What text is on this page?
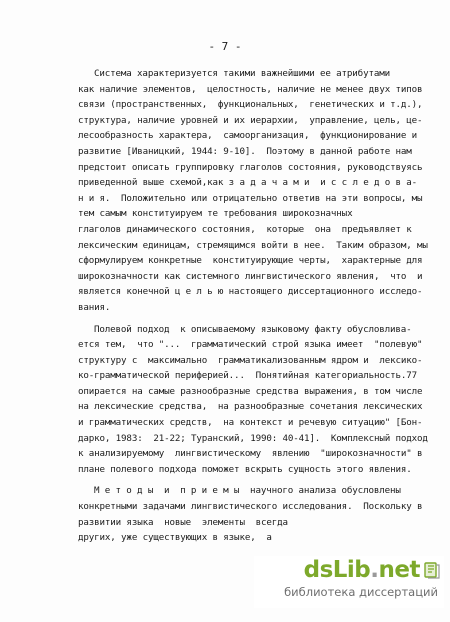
- 7 -
Система характеризуется такими важнейшими ее атрибутами
как наличие элементов,  целостность, наличие не менее двух типов
связи (пространственных,  функциональных,  генетических и т.д.),
структура, наличие уровней и их иерархии,  управление, цель, це-
лесообразность характера,  самоорганизация,  функционирование и
развитие [Иваницкий, 1944: 9-10].  Поэтому в данной работе нам
предстоит описать группировку глаголов состояния, руководствуясь
приведенной выше схемой,как з а д а ч а м и  и с с л е д о в а-
н и я.  Положительно или отрицательно ответив на эти вопросы, мы
тем самым конституируем те требования широкозначных
глаголов динамического состояния,  которые  она  предъявляет к
лексическим единицам, стремящимся войти в нее.  Таким образом, мы
сформулируем конкретные  конституирующие черты,  характерные для
широкозначности как системного лингвистического явления,  что  и
является конечной ц е л ь ю настоящего диссертационного исследо-
вания.
Полевой подход  к описываемому языковому факту обусловлива-
ется тем,  что "...  грамматический строй языка имеет  "полевую"
структуру с  максимально  грамматикализованным ядром и  лексико-
ко-грамматической периферией...  Понятийная категориальность.77
опирается на самые разнообразные средства выражения, в том числе
на лексические средства,  на разнообразные сочетания лексических
и грамматических средств,  на контекст и речевую ситуацию" [Бон-
дарко, 1983:  21-22; Туранский, 1990: 40-41].  Комплексный подход
к анализируемому  лингвистическому  явлению  "широкозначности" в
плане полевого подхода поможет вскрыть сущность этого явления.
М е т о д ы  и  п р и е м ы  научного анализа обусловлены
конкретными задачами лингвистического исследования.  Поскольку в
развитии языка  новые  элементы  всегда
других, уже существующих в языке,  а
dsLib.net
библиотека диссертаций
